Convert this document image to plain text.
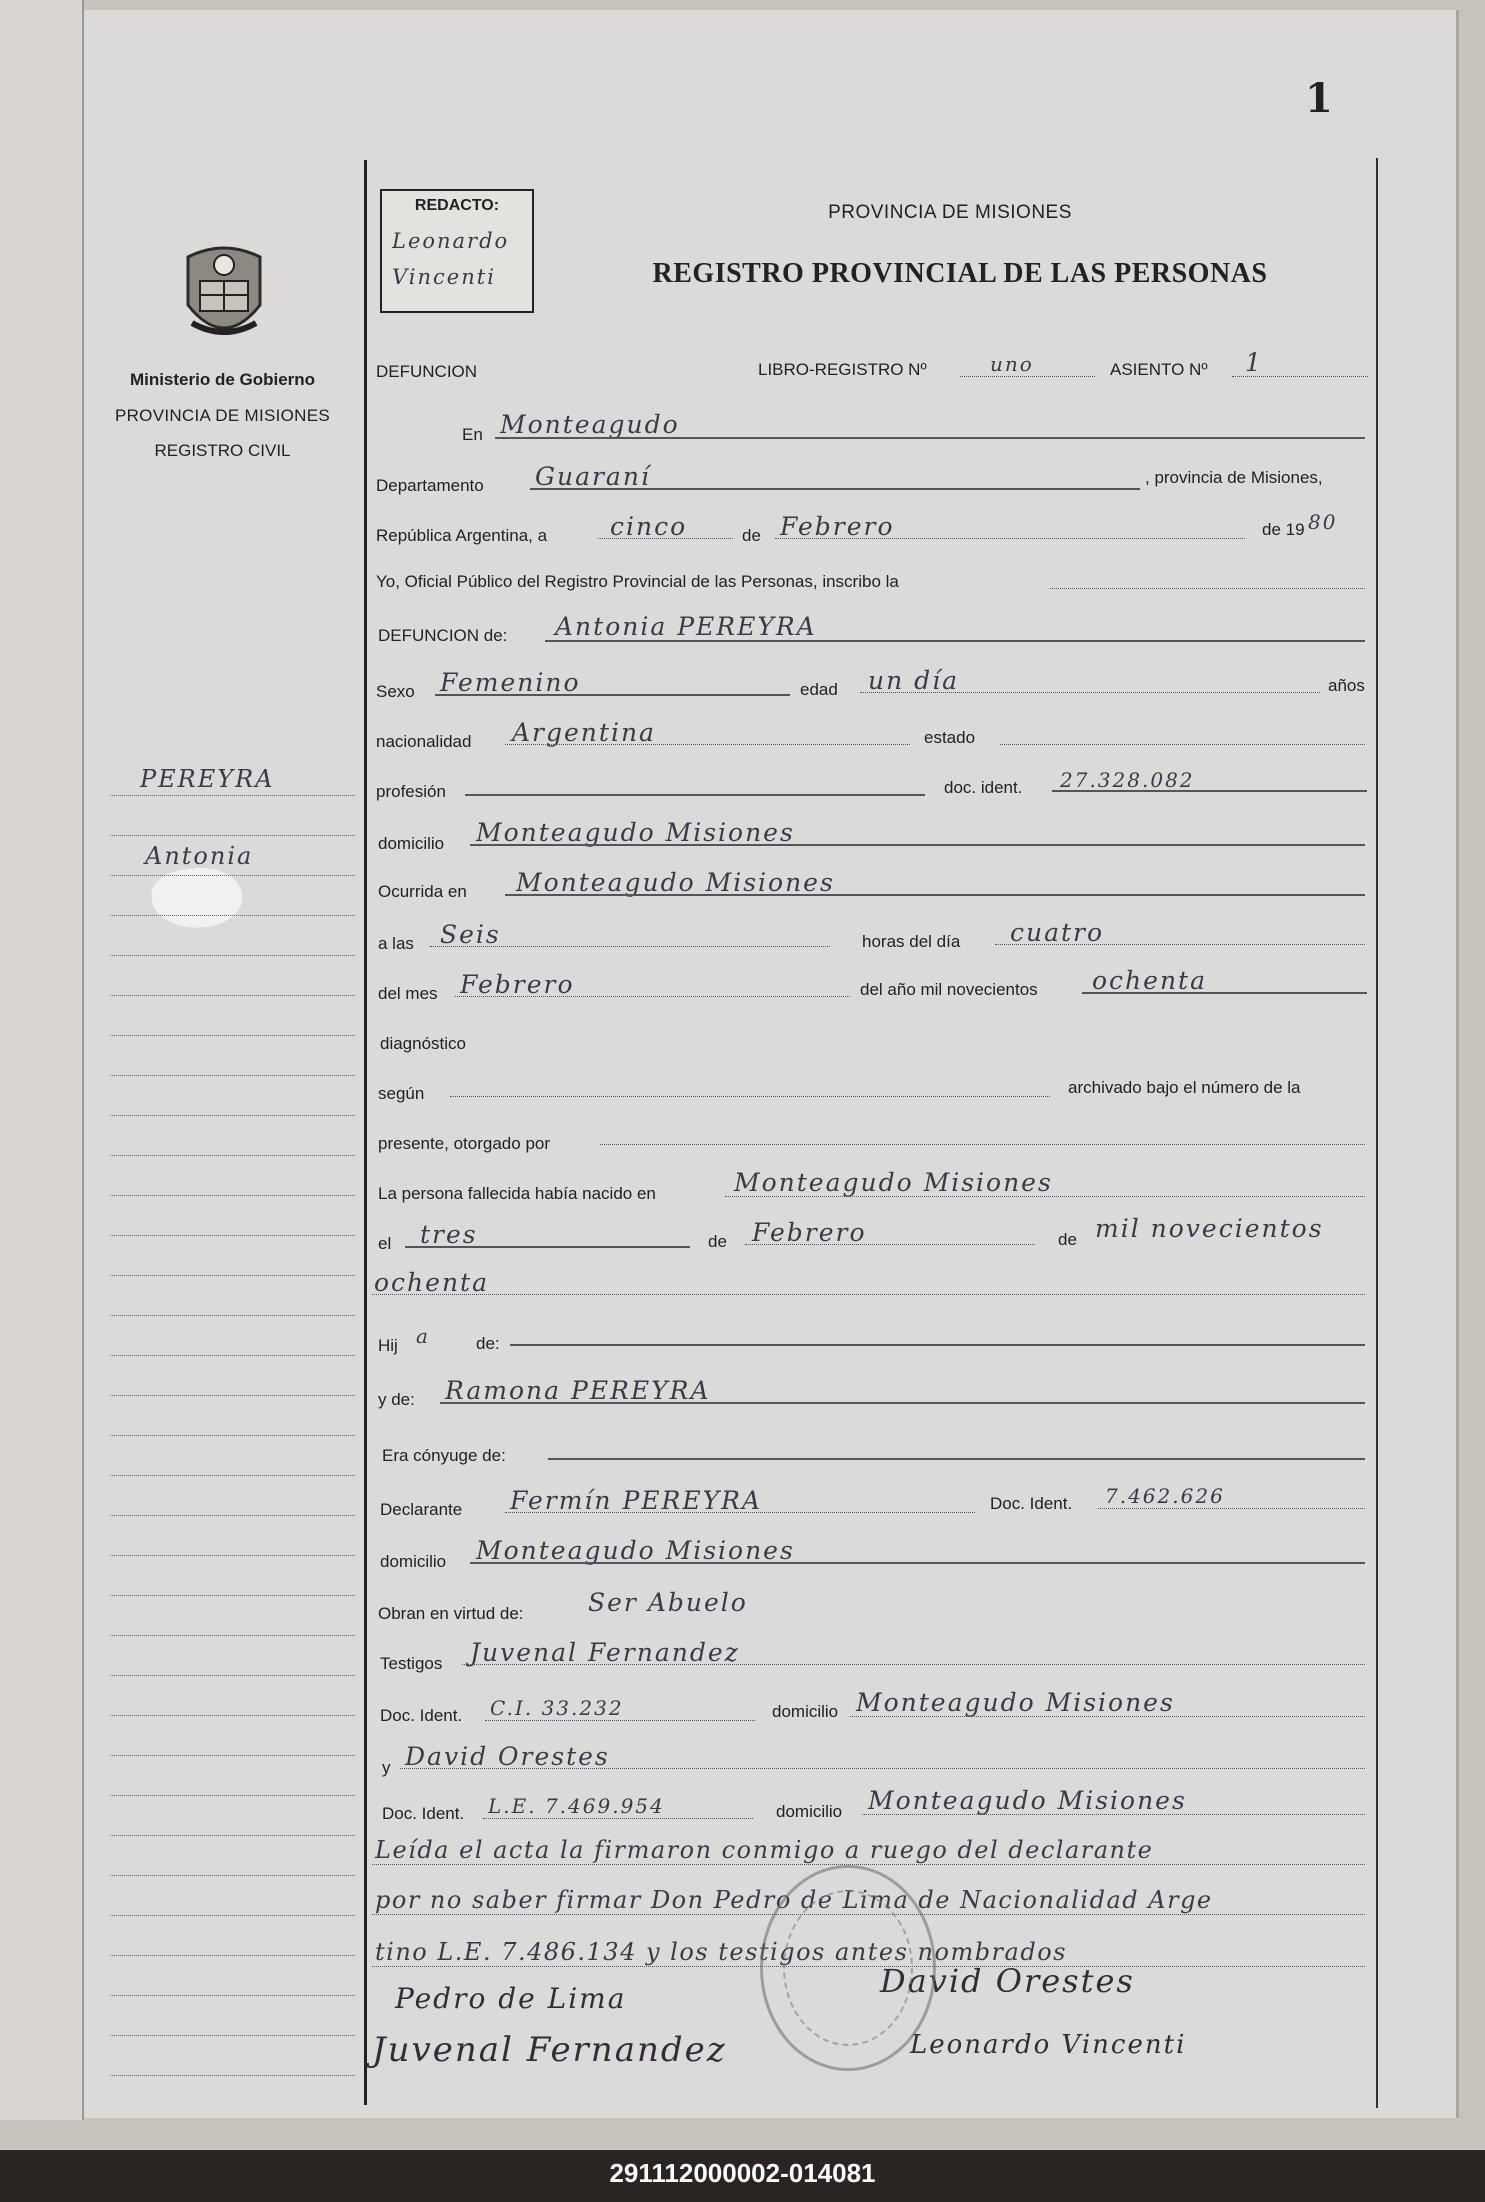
1
Ministerio de Gobierno
PROVINCIA DE MISIONES
REGISTRO CIVIL
PEREYRA
Antonia
REDACTO:
Leonardo
Vincenti
PROVINCIA DE MISIONES
REGISTRO PROVINCIAL DE LAS PERSONAS
DEFUNCION	LIBRO-REGISTRO Nº	uno	ASIENTO Nº 1
En Monteagudo
Departamento Guaraní	, provincia de Misiones,
República Argentina, a	cinco	de Febrero	de 19 80
Yo, Oficial Público del Registro Provincial de las Personas, inscribo la
DEFUNCION de: Antonia PEREYRA
Sexo Femenino	edad un día	años
nacionalidad Argentina	estado
profesión	doc. ident. 27.328.082
domicilio Monteagudo Misiones
Ocurrida en Monteagudo Misiones
a las Seis	horas del día cuatro
del mes Febrero	del año mil novecientos ochenta
diagnóstico
según	archivado bajo el número de la
presente, otorgado por
La persona fallecida había nacido en	Monteagudo Misiones
el tres	de Febrero	de mil novecientos
ochenta
Hij a	de:
y de: Ramona PEREYRA
Era cónyuge de:
Declarante Fermín PEREYRA	Doc. Ident. 7.462.626
domicilio Monteagudo Misiones
Obran en virtud de:	Ser Abuelo
Testigos Juvenal Fernandez
Doc. Ident. C.I. 33.232	domicilio Monteagudo Misiones
y David Orestes
Doc. Ident. L.E. 7.469.954	domicilio Monteagudo Misiones
Leída el acta la firmaron conmigo a ruego del declarante
por no saber firmar Don Pedro de Lima de Nacionalidad Arge
tino L.E. 7.486.134 y los testigos antes nombrados
Pedro de Lima	David Orestes
Juvenal Fernandez	Leonardo Vincenti
291112000002-014081
